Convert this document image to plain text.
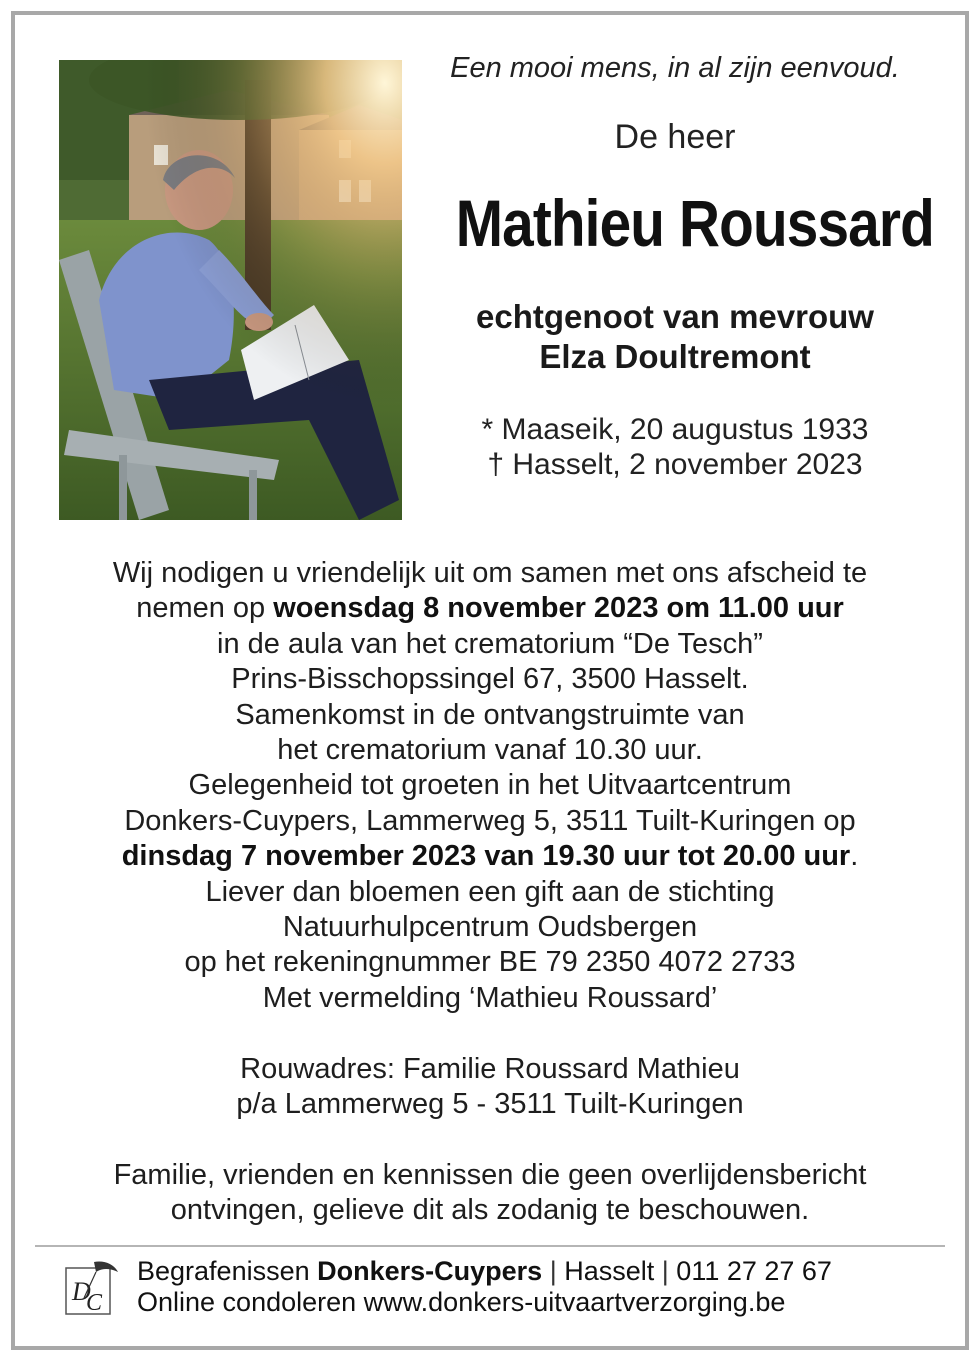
Een mooi mens, in al zijn eenvoud.
De heer
Mathieu Roussard
echtgenoot van mevrouw
Elza Doultremont
* Maaseik, 20 augustus 1933
† Hasselt, 2 november 2023
Wij nodigen u vriendelijk uit om samen met ons afscheid te
nemen op woensdag 8 november 2023 om 11.00 uur
in de aula van het crematorium “De Tesch”
Prins-Bisschopssingel 67, 3500 Hasselt.
Samenkomst in de ontvangstruimte van
het crematorium vanaf 10.30 uur.
Gelegenheid tot groeten in het Uitvaartcentrum
Donkers-Cuypers, Lammerweg 5, 3511 Tuilt-Kuringen op
dinsdag 7 november 2023 van 19.30 uur tot 20.00 uur.
Liever dan bloemen een gift aan de stichting
Natuurhulpcentrum Oudsbergen
op het rekeningnummer BE 79 2350 4072 2733
Met vermelding ‘Mathieu Roussard’
Rouwadres: Familie Roussard Mathieu
p/a Lammerweg 5 - 3511 Tuilt-Kuringen
Familie, vrienden en kennissen die geen overlijdensbericht
ontvingen, gelieve dit als zodanig te beschouwen.
D
C
Begrafenissen Donkers-Cuypers | Hasselt | 011 27 27 67
Online condoleren www.donkers-uitvaartverzorging.be
